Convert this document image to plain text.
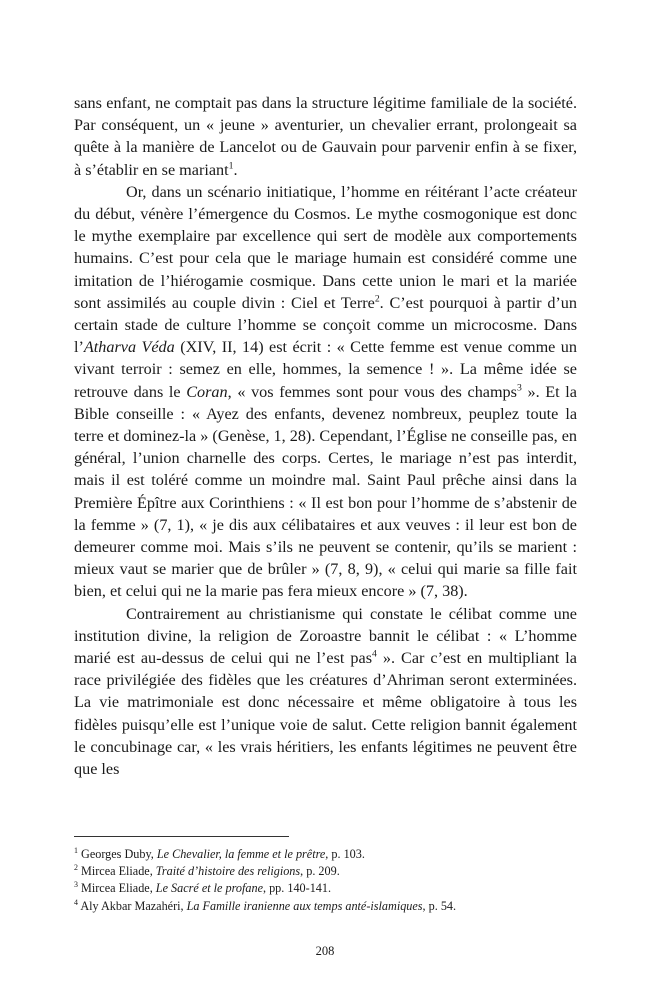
sans enfant, ne comptait pas dans la structure légitime familiale de la société. Par conséquent, un « jeune » aventurier, un chevalier errant, prolongeait sa quête à la manière de Lancelot ou de Gauvain pour parvenir enfin à se fixer, à s’établir en se mariant$^1$.

Or, dans un scénario initiatique, l’homme en réitérant l’acte créateur du début, vénère l’émergence du Cosmos. Le mythe cosmogonique est donc le mythe exemplaire par excellence qui sert de modèle aux comportements humains. C’est pour cela que le mariage humain est considéré comme une imitation de l’hiérogamie cosmique. Dans cette union le mari et la mariée sont assimilés au couple divin : Ciel et Terre$^2$. C’est pourquoi à partir d’un certain stade de culture l’homme se conçoit comme un microcosme. Dans l’Atharva Véda (XIV, II, 14) est écrit : « Cette femme est venue comme un vivant terroir : semez en elle, hommes, la semence ! ». La même idée se retrouve dans le Coran, « vos femmes sont pour vous des champs$^3$ ». Et la Bible conseille : « Ayez des enfants, devenez nombreux, peuplez toute la terre et dominez-la » (Genèse, 1, 28). Cependant, l’Église ne conseille pas, en général, l’union charnelle des corps. Certes, le mariage n’est pas interdit, mais il est toléré comme un moindre mal. Saint Paul prêche ainsi dans la Première Épître aux Corinthiens : « Il est bon pour l’homme de s’abstenir de la femme » (7, 1), « je dis aux célibataires et aux veuves : il leur est bon de demeurer comme moi. Mais s’ils ne peuvent se contenir, qu’ils se marient : mieux vaut se marier que de brûler » (7, 8, 9), « celui qui marie sa fille fait bien, et celui qui ne la marie pas fera mieux encore » (7, 38).

Contrairement au christianisme qui constate le célibat comme une institution divine, la religion de Zoroastre bannit le célibat : « L’homme marié est au-dessus de celui qui ne l’est pas$^4$ ». Car c’est en multipliant la race privilégiée des fidèles que les créatures d’Ahriman seront exterminées. La vie matrimoniale est donc nécessaire et même obligatoire à tous les fidèles puisqu’elle est l’unique voie de salut. Cette religion bannit également le concubinage car, « les vrais héritiers, les enfants légitimes ne peuvent être que les

$^1$ Georges Duby, Le Chevalier, la femme et le prêtre, p. 103.
$^2$ Mircea Eliade, Traité d’histoire des religions, p. 209.
$^3$ Mircea Eliade, Le Sacré et le profane, pp. 140-141.
$^4$ Aly Akbar Mazahéri, La Famille iranienne aux temps anté-islamiques, p. 54.
208
